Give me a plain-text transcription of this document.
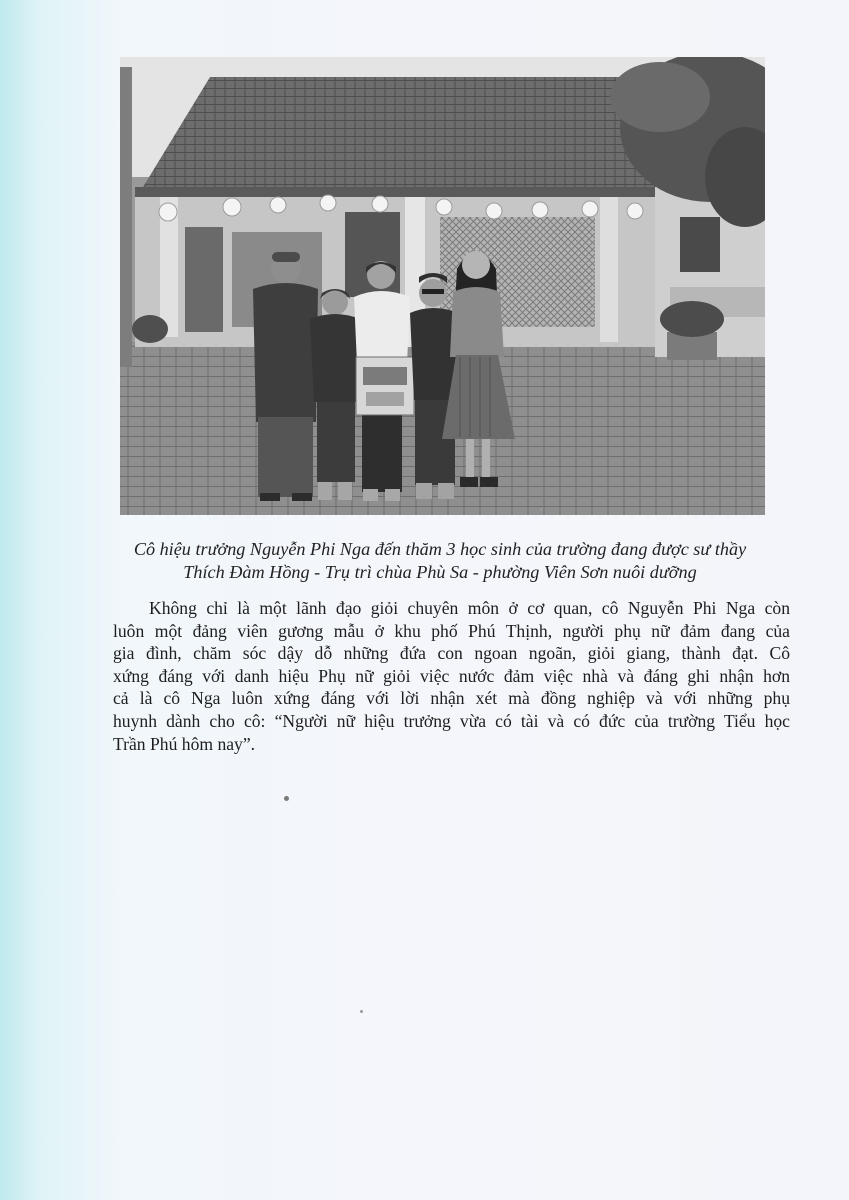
Cô hiệu trưởng Nguyễn Phi Nga đến thăm 3 học sinh của trường đang được sư thầy
Thích Đàm Hồng - Trụ trì chùa Phù Sa - phường Viên Sơn nuôi dưỡng
Không chỉ là một lãnh đạo giỏi chuyên môn ở cơ quan, cô Nguyễn Phi Nga còn
luôn một đảng viên gương mẫu ở khu phố Phú Thịnh, người phụ nữ đảm đang của
gia đình, chăm sóc dậy dỗ những đứa con ngoan ngoãn, giỏi giang, thành đạt. Cô
xứng đáng với danh hiệu Phụ nữ giỏi việc nước đảm việc nhà và đáng ghi nhận hơn
cả là cô Nga luôn xứng đáng với lời nhận xét mà đồng nghiệp và với những phụ
huynh dành cho cô: “Người nữ hiệu trưởng vừa có tài và có đức của trường Tiểu học
Trần Phú hôm nay”.
